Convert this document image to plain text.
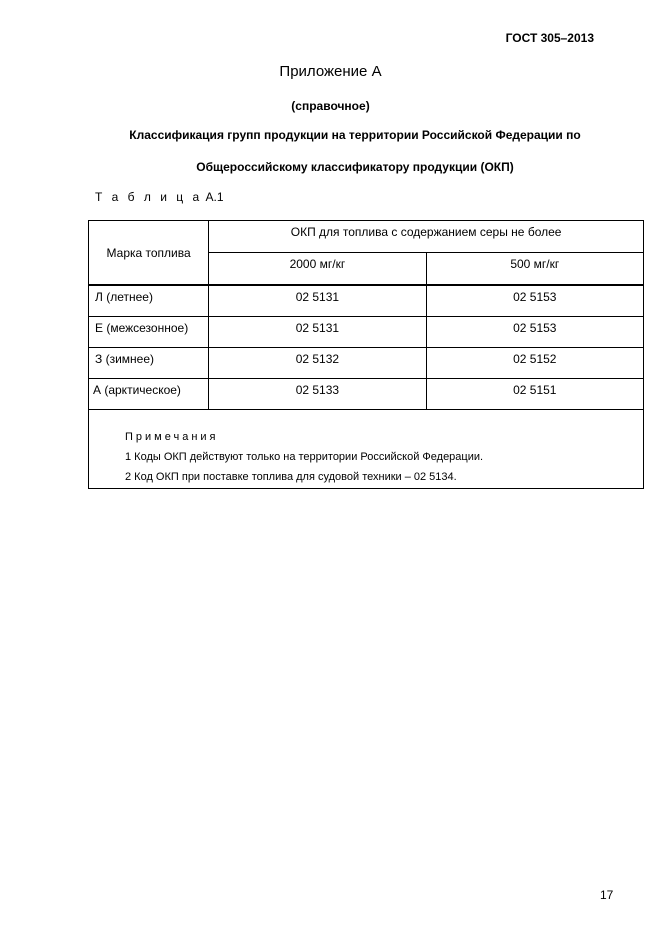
ГОСТ 305–2013
Приложение А
(справочное)
Классификация групп продукции на территории Российской Федерации по
Общероссийскому классификатору продукции (ОКП)
Т а б л и ц а А.1
Марка топлива	ОКП для топлива с содержанием серы не более	
	2000 мг/кг	500 мг/кг
Л (летнее)	02 5131	02 5153
Е (межсезонное)	02 5131	02 5153
З (зимнее)	02 5132	02 5152
А (арктическое)	02 5133	02 5151

Примечания
1 Коды ОКП действуют только на территории Российской Федерации.
2 Код ОКП при поставке топлива для судовой техники – 02 5134.		
17
